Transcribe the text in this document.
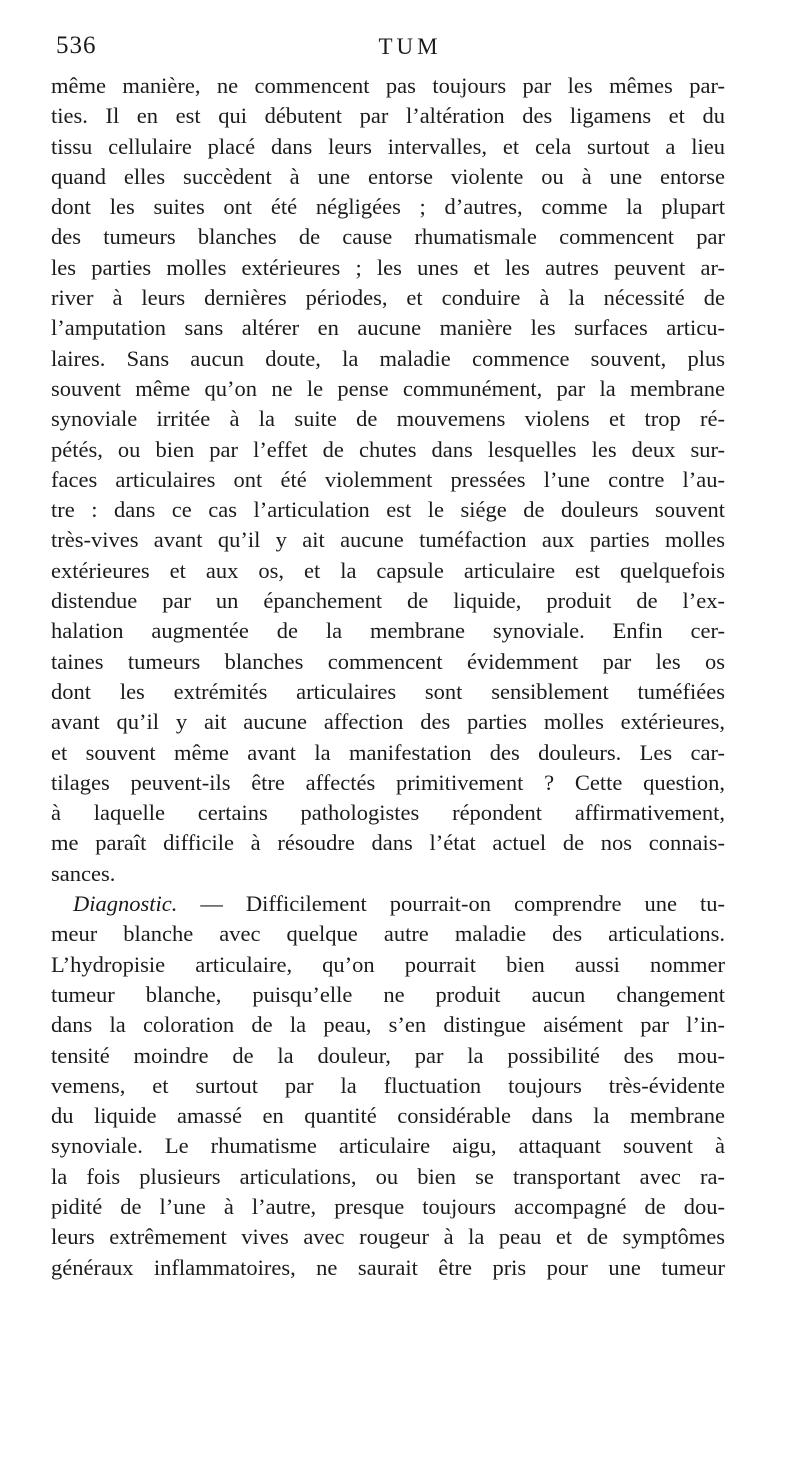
536	TUM
même manière, ne commencent pas toujours par les mêmes par-
ties. Il en est qui débutent par l’altération des ligamens et du
tissu cellulaire placé dans leurs intervalles, et cela surtout a lieu
quand elles succèdent à une entorse violente ou à une entorse
dont les suites ont été négligées ; d’autres, comme la plupart
des tumeurs blanches de cause rhumatismale commencent par
les parties molles extérieures ; les unes et les autres peuvent ar-
river à leurs dernières périodes, et conduire à la nécessité de
l’amputation sans altérer en aucune manière les surfaces articu-
laires. Sans aucun doute, la maladie commence souvent, plus
souvent même qu’on ne le pense communément, par la membrane
synoviale irritée à la suite de mouvemens violens et trop ré-
pétés, ou bien par l’effet de chutes dans lesquelles les deux sur-
faces articulaires ont été violemment pressées l’une contre l’au-
tre : dans ce cas l’articulation est le siége de douleurs souvent
très-vives avant qu’il y ait aucune tuméfaction aux parties molles
extérieures et aux os, et la capsule articulaire est quelquefois
distendue par un épanchement de liquide, produit de l’ex-
halation augmentée de la membrane synoviale. Enfin cer-
taines tumeurs blanches commencent évidemment par les os
dont les extrémités articulaires sont sensiblement tuméfiées
avant qu’il y ait aucune affection des parties molles extérieures,
et souvent même avant la manifestation des douleurs. Les car-
tilages peuvent-ils être affectés primitivement ? Cette question,
à laquelle certains pathologistes répondent affirmativement,
me paraît difficile à résoudre dans l’état actuel de nos connais-
sances.
Diagnostic. — Difficilement pourrait-on comprendre une tu-
meur blanche avec quelque autre maladie des articulations.
L’hydropisie articulaire, qu’on pourrait bien aussi nommer
tumeur blanche, puisqu’elle ne produit aucun changement
dans la coloration de la peau, s’en distingue aisément par l’in-
tensité moindre de la douleur, par la possibilité des mou-
vemens, et surtout par la fluctuation toujours très-évidente
du liquide amassé en quantité considérable dans la membrane
synoviale. Le rhumatisme articulaire aigu, attaquant souvent à
la fois plusieurs articulations, ou bien se transportant avec ra-
pidité de l’une à l’autre, presque toujours accompagné de dou-
leurs extrêmement vives avec rougeur à la peau et de symptômes
généraux inflammatoires, ne saurait être pris pour une tumeur
